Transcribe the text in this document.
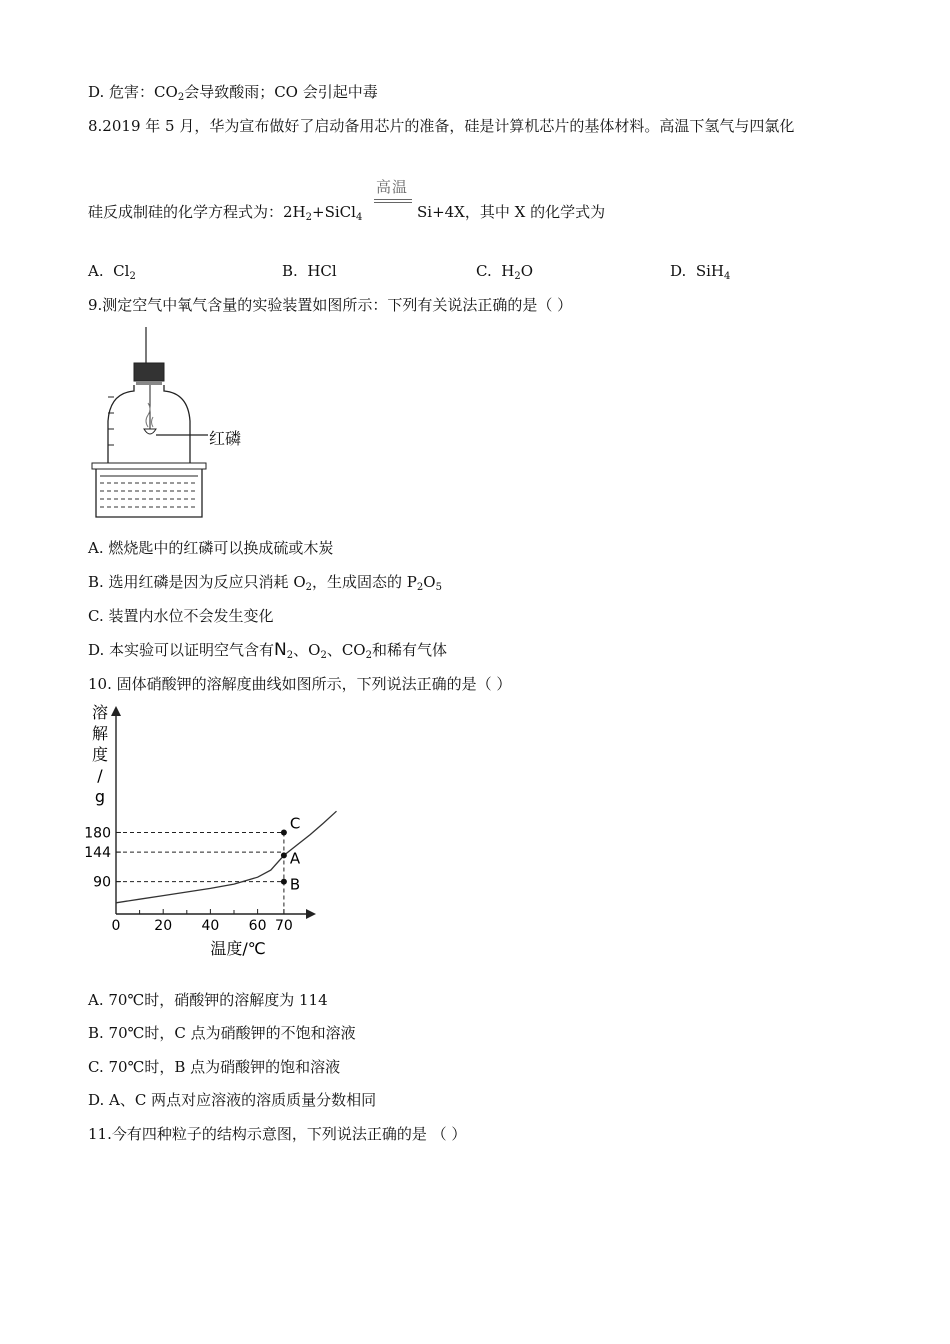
D. 危害：$CO_2$会导致酸雨；CO 会引起中毒
8.2019 年 5 月，华为宣布做好了启动备用芯片的准备，硅是计算机芯片的基体材料。高温下氢气与四氯化
高温
硅反成制硅的化学方程式为：$2H_2+SiCl_4$	Si+4X，其中 X 的化学式为
A. $Cl_2$	B. HCl	C. $H_2O$	D. SiH$_4$
9.测定空气中氧气含量的实验装置如图所示：下列有关说法正确的是（ ）
红磷
A. 燃烧匙中的红磷可以换成硫或木炭
B. 选用红磷是因为反应只消耗 $O_2$，生成固态的 $P_2O_5$
C. 装置内水位不会发生变化
D. 本实验可以证明空气含有$N_2$、$O_2$、$CO_2$和稀有气体
10. 固体硝酸钾的溶解度曲线如图所示，下列说法正确的是（ ）
溶解度/ g
0 20 40 60 70
90
144
180
C
A
B
温度/℃
A. 70℃时，硝酸钾的溶解度为 114
B. 70℃时，C 点为硝酸钾的不饱和溶液
C. 70℃时，B 点为硝酸钾的饱和溶液
D. A、C 两点对应溶液的溶质质量分数相同
11.今有四种粒子的结构示意图，下列说法正确的是 （ ）
